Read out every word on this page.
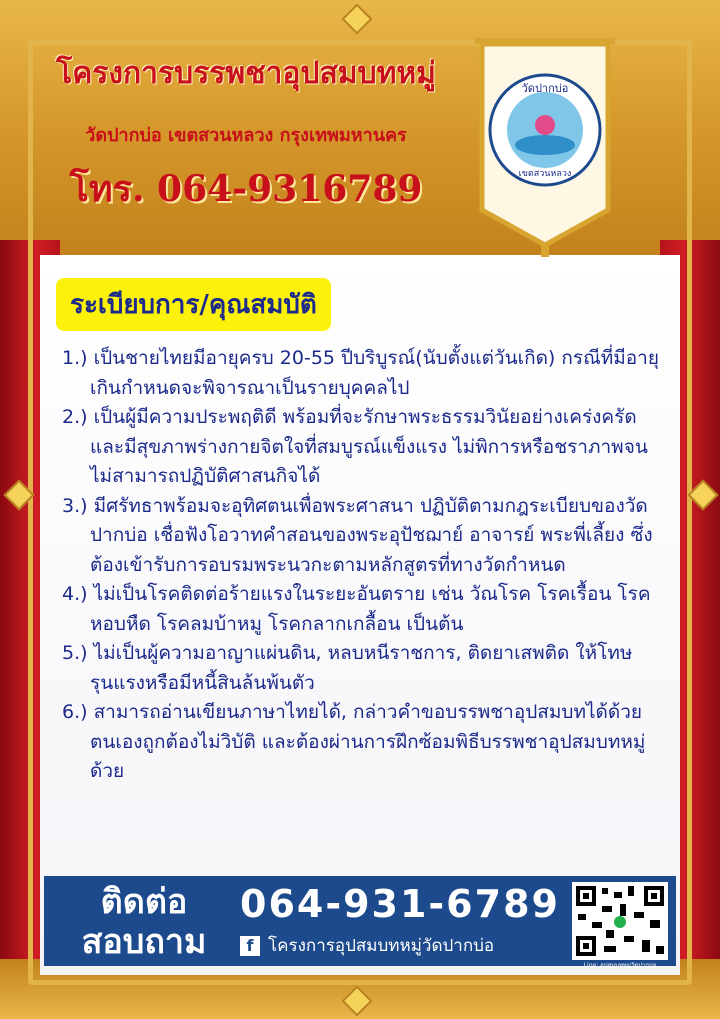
โครงการบรรพชาอุปสมบทหมู่
วัดปากบ่อ เขตสวนหลวง กรุงเทพมหานคร
โทร. 064-9316789
วัดปากบ่อ
เขตสวนหลวง
ระเบียบการ/คุณสมบัติ

1.) เป็นชายไทยมีอายุครบ 20-55 ปีบริบูรณ์(นับตั้งแต่วันเกิด) กรณีที่มีอายุเกินกำหนดจะพิจารณาเป็นรายบุคคลไป

2.) เป็นผู้มีความประพฤติดี พร้อมที่จะรักษาพระธรรมวินัยอย่างเคร่งครัด และมีสุขภาพร่างกายจิตใจที่สมบูรณ์แข็งแรง ไม่พิการหรือชราภาพจนไม่สามารถปฏิบัติศาสนกิจได้

3.) มีศรัทธาพร้อมจะอุทิศตนเพื่อพระศาสนา ปฏิบัติตามกฎระเบียบของวัดปากบ่อ เชื่อฟังโอวาทคำสอนของพระอุปัชฌาย์ อาจารย์ พระพี่เลี้ยง ซึ่งต้องเข้ารับการอบรมพระนวกะตามหลักสูตรที่ทางวัดกำหนด

4.) ไม่เป็นโรคติดต่อร้ายแรงในระยะอันตราย เช่น วัณโรค โรคเรื้อน โรคหอบหืด โรคลมบ้าหมู โรคกลากเกลื้อน เป็นต้น

5.) ไม่เป็นผู้ความอาญาแผ่นดิน, หลบหนีราชการ, ติดยาเสพติด ให้โทษรุนแรงหรือมีหนี้สินล้นพ้นตัว

6.) สามารถอ่านเขียนภาษาไทยได้, กล่าวคำขอบรรพชาอุปสมบทได้ด้วยตนเองถูกต้องไม่วิบัติ และต้องผ่านการฝึกซ้อมพิธีบรรพชาอุปสมบทหมู่ด้วย

ติดต่อ
สอบถาม
064-931-6789
f โครงการอุปสมบทหมู่วัดปากบ่อ
Line: อุปสมบทหมู่วัดปากบ่อ
